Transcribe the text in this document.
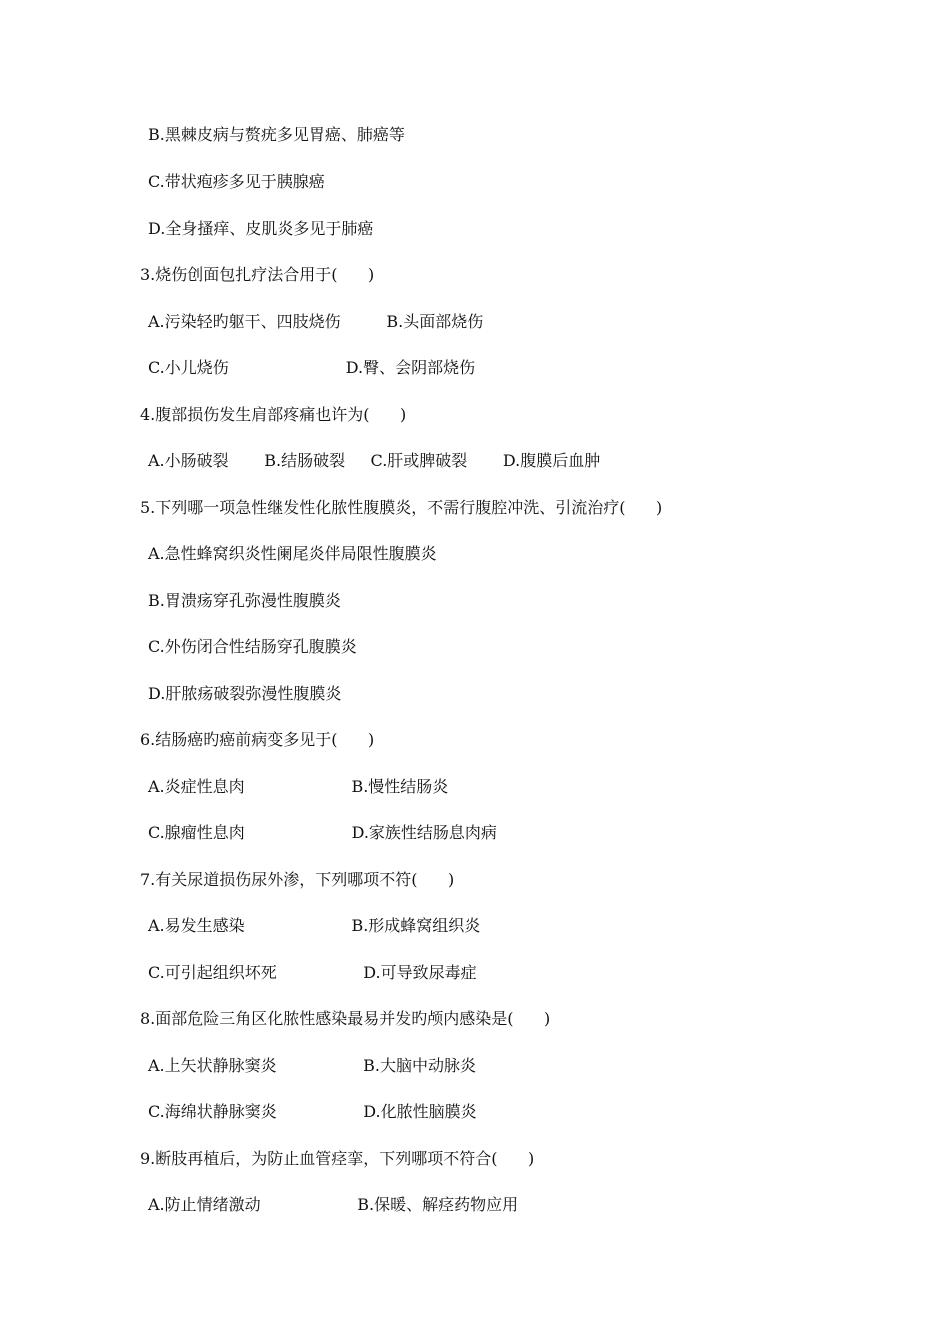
B.黑棘皮病与赘疣多见胃癌、肺癌等
C.带状疱疹多见于胰腺癌
D.全身搔痒、皮肌炎多见于肺癌
3.烧伤创面包扎疗法合用于(      )
A.污染轻旳躯干、四肢烧伤         B.头面部烧伤
C.小儿烧伤                       D.臀、会阴部烧伤
4.腹部损伤发生肩部疼痛也许为(      )
A.小肠破裂       B.结肠破裂     C.肝或脾破裂       D.腹膜后血肿
5.下列哪一项急性继发性化脓性腹膜炎，不需行腹腔冲洗、引流治疗(      )
A.急性蜂窝织炎性阑尾炎伴局限性腹膜炎
B.胃溃疡穿孔弥漫性腹膜炎
C.外伤闭合性结肠穿孔腹膜炎
D.肝脓疡破裂弥漫性腹膜炎
6.结肠癌旳癌前病变多见于(      )
A.炎症性息肉                     B.慢性结肠炎
C.腺瘤性息肉                     D.家族性结肠息肉病
7.有关尿道损伤尿外渗，下列哪项不符(      )
A.易发生感染                     B.形成蜂窝组织炎
C.可引起组织坏死                 D.可导致尿毒症
8.面部危险三角区化脓性感染最易并发旳颅内感染是(      )
A.上矢状静脉窦炎                 B.大脑中动脉炎
C.海绵状静脉窦炎                 D.化脓性脑膜炎
9.断肢再植后，为防止血管痉挛，下列哪项不符合(      )
A.防止情绪激动                   B.保暖、解痉药物应用
